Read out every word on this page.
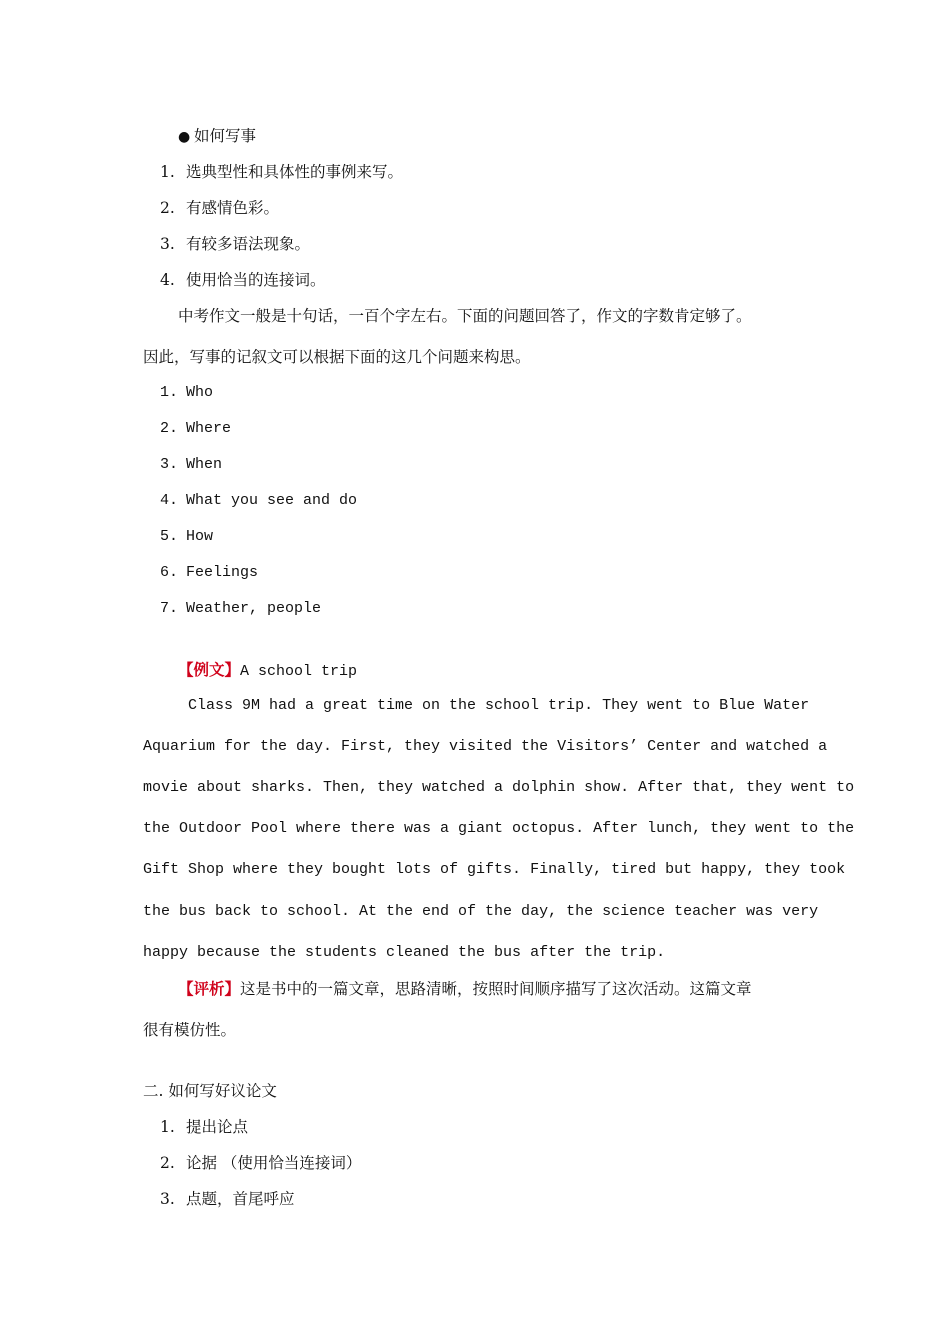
● 如何写事
1. 选典型性和具体性的事例来写。
2. 有感情色彩。
3. 有较多语法现象。
4. 使用恰当的连接词。
中考作文一般是十句话，一百个字左右。下面的问题回答了，作文的字数肯定够了。
因此，写事的记叙文可以根据下面的这几个问题来构思。
1. Who
2. Where
3. When
4. What you see and do
5. How
6. Feelings
7. Weather, people
【例文】A school trip
Class 9M had a great time on the school trip. They went to Blue Water
Aquarium for the day. First, they visited the Visitors’ Center and watched a
movie about sharks. Then, they watched a dolphin show. After that, they went to
the Outdoor Pool where there was a giant octopus. After lunch, they went to the
Gift Shop where they bought lots of gifts. Finally, tired but happy, they took
the bus back to school. At the end of the day, the science teacher was very
happy because the students cleaned the bus after the trip.
【评析】这是书中的一篇文章，思路清晰，按照时间顺序描写了这次活动。这篇文章
很有模仿性。
二. 如何写好议论文
1. 提出论点
2. 论据 （使用恰当连接词）
3. 点题，首尾呼应
